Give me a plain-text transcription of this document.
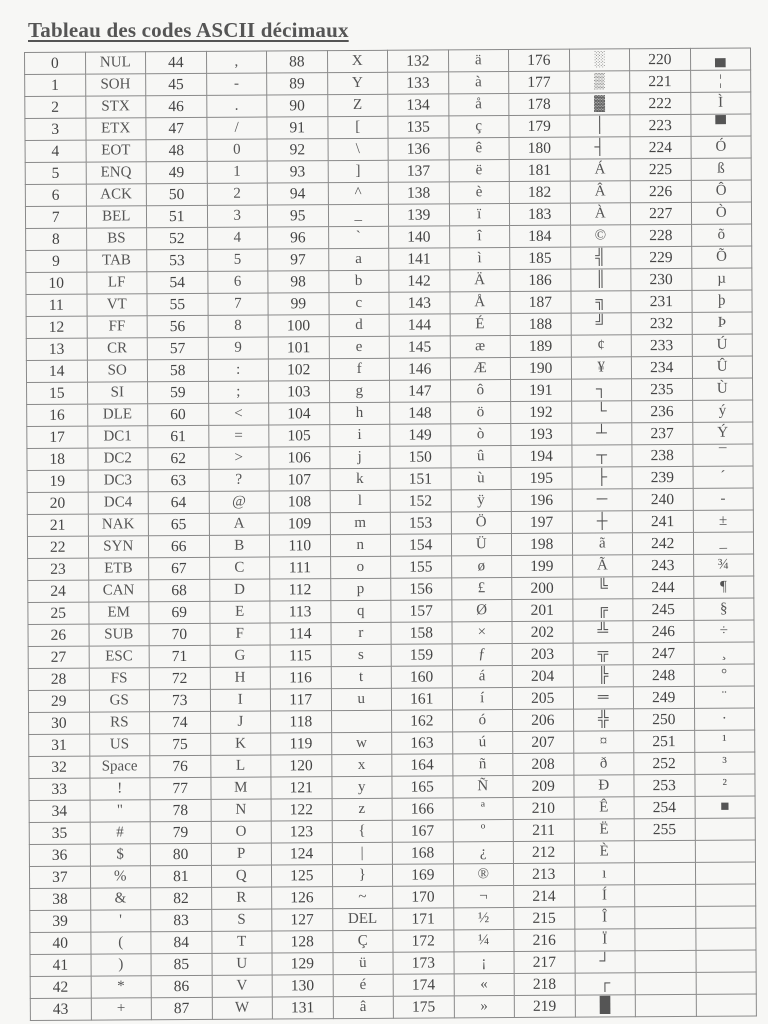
Tableau des codes ASCII décimaux
0	NUL	44	,	88	X	132	ä	176	░	220	▄
1	SOH	45	-	89	Y	133	à	177	▒	221	¦
2	STX	46	.	90	Z	134	å	178	▓	222	Ì
3	ETX	47	/	91	[	135	ç	179	│	223	▀
4	EOT	48	0	92	\	136	ê	180	┤	224	Ó
5	ENQ	49	1	93	]	137	ë	181	Á	225	ß
6	ACK	50	2	94	^	138	è	182	Â	226	Ô
7	BEL	51	3	95	_	139	ï	183	À	227	Ò
8	BS	52	4	96	`	140	î	184	©	228	õ
9	TAB	53	5	97	a	141	ì	185	╣	229	Õ
10	LF	54	6	98	b	142	Ä	186	║	230	µ
11	VT	55	7	99	c	143	Å	187	╗	231	þ
12	FF	56	8	100	d	144	É	188	╝	232	Þ
13	CR	57	9	101	e	145	æ	189	¢	233	Ú
14	SO	58	:	102	f	146	Æ	190	¥	234	Û
15	SI	59	;	103	g	147	ô	191	┐	235	Ù
16	DLE	60	<	104	h	148	ö	192	└	236	ý
17	DC1	61	=	105	i	149	ò	193	┴	237	Ý
18	DC2	62	>	106	j	150	û	194	┬	238	¯
19	DC3	63	?	107	k	151	ù	195	├	239	´
20	DC4	64	@	108	l	152	ÿ	196	─	240	-
21	NAK	65	A	109	m	153	Ö	197	┼	241	±
22	SYN	66	B	110	n	154	Ü	198	ã	242	_
23	ETB	67	C	111	o	155	ø	199	Ã	243	¾
24	CAN	68	D	112	p	156	£	200	╚	244	¶
25	EM	69	E	113	q	157	Ø	201	╔	245	§
26	SUB	70	F	114	r	158	×	202	╩	246	÷
27	ESC	71	G	115	s	159	ƒ	203	╦	247	¸
28	FS	72	H	116	t	160	á	204	╠	248	°
29	GS	73	I	117	u	161	í	205	═	249	¨
30	RS	74	J	118		162	ó	206	╬	250	·
31	US	75	K	119	w	163	ú	207	¤	251	¹
32	Space	76	L	120	x	164	ñ	208	ð	252	³
33	!	77	M	121	y	165	Ñ	209	Ð	253	²
34	"	78	N	122	z	166	ª	210	Ê	254	■
35	#	79	O	123	{	167	º	211	Ë	255	
36	$	80	P	124	|	168	¿	212	È		
37	%	81	Q	125	}	169	®	213	ı		
38	&	82	R	126	~	170	¬	214	Í		
39	'	83	S	127	DEL	171	½	215	Î		
40	(	84	T	128	Ç	172	¼	216	Ï		
41	)	85	U	129	ü	173	¡	217	┘		
42	*	86	V	130	é	174	«	218	┌		
43	+	87	W	131	â	175	»	219	█		
